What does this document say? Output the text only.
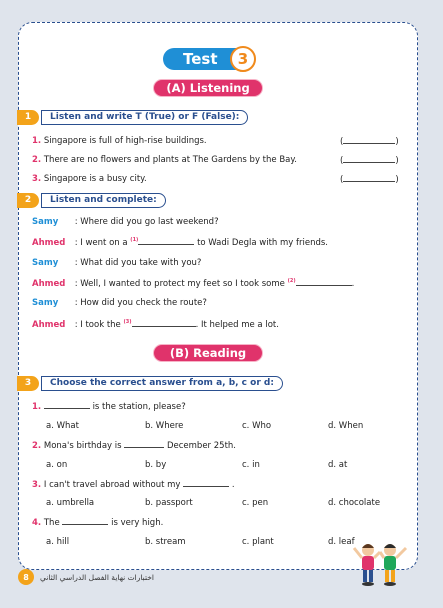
Test	3
(A) Listening
1	Listen and write T (True) or F (False):
1. Singapore is full of high-rise buildings.	(	)
2. There are no flowers and plants at The Gardens by the Bay.	(	)
3. Singapore is a busy city.	(	)
2	Listen and complete:
Samy : Where did you go last weekend?
Ahmed : I went on a $^{(1)}$	to Wadi Degla with my friends.
Samy : What did you take with you?
Ahmed : Well, I wanted to protect my feet so I took some $^{(2)}$	.
Samy : How did you check the route?
Ahmed : I took the $^{(3)}$	. It helped me a lot.
(B) Reading
3	Choose the correct answer from a, b, c or d:
1.	is the station, please?
a. What	b. Where	c. Who	d. When
2. Mona's birthday is	December 25th.
a. on	b. by	c. in	d. at
3. I can't travel abroad without my	.
a. umbrella	b. passport	c. pen	d. chocolate
4. The	is very high.
a. hill	b. stream	c. plant	d. leaf
8	اختبارات نهاية الفصل الدراسي الثاني
